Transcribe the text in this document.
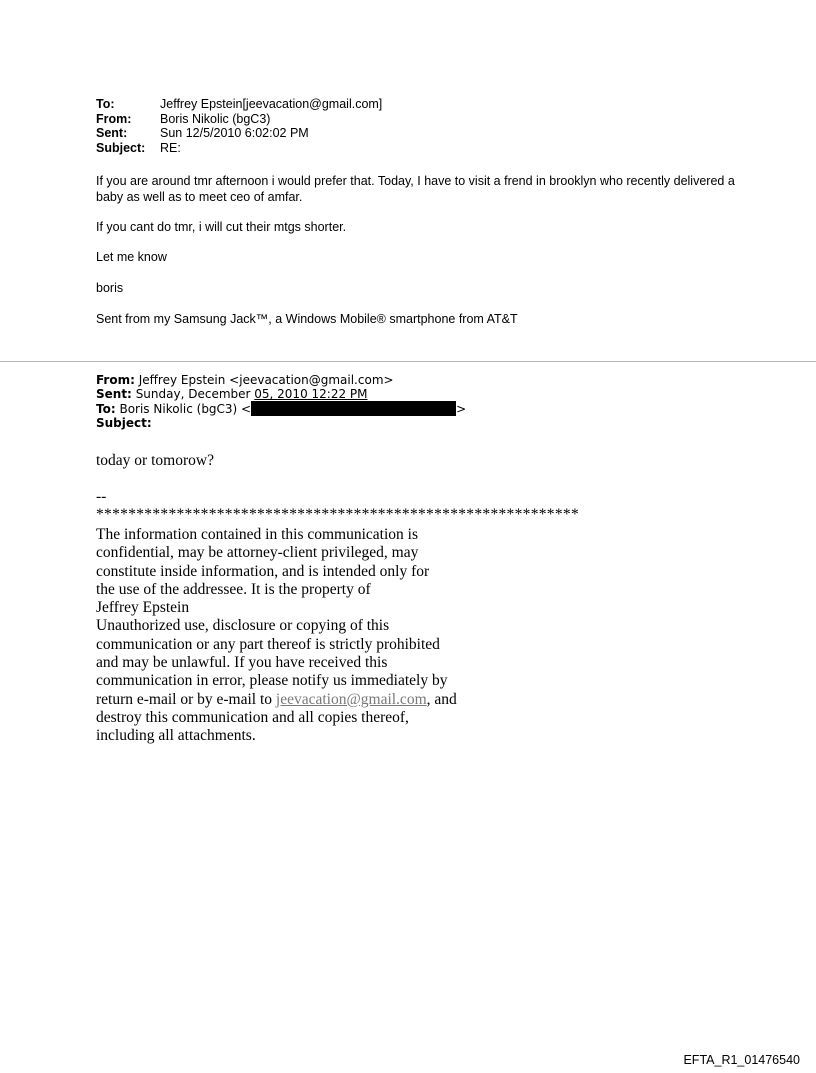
To:	Jeffrey Epstein[jeevacation@gmail.com]
From:	Boris Nikolic (bgC3)
Sent:	Sun 12/5/2010 6:02:02 PM
Subject:	RE:
If you are around tmr afternoon i would prefer that. Today, I have to visit a frend in brooklyn who recently delivered a baby as well as to meet ceo of amfar.
If you cant do tmr, i will cut their mtgs shorter.
Let me know
boris
Sent from my Samsung Jack™, a Windows Mobile® smartphone from AT&T
From: Jeffrey Epstein <jeevacation@gmail.com>
Sent: Sunday, December 05, 2010 12:22 PM
To: Boris Nikolic (bgC3) <	>
Subject:
today or tomorow?
--
************************************************************
The information contained in this communication is
confidential, may be attorney-client privileged, may
constitute inside information, and is intended only for
the use of the addressee. It is the property of
Jeffrey Epstein
Unauthorized use, disclosure or copying of this
communication or any part thereof is strictly prohibited
and may be unlawful. If you have received this
communication in error, please notify us immediately by
return e-mail or by e-mail to jeevacation@gmail.com, and
destroy this communication and all copies thereof,
including all attachments.
EFTA_R1_01476540
